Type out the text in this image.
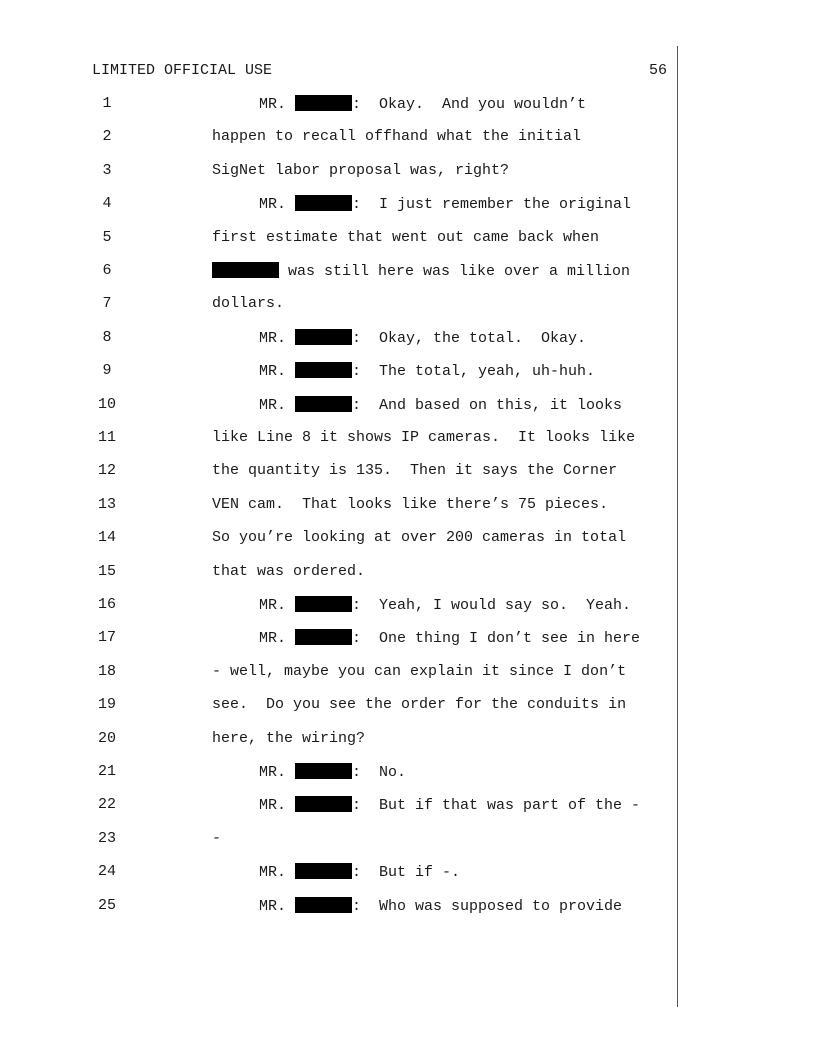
LIMITED OFFICIAL USE	56
1	MR.	:  Okay.  And you wouldn’t
2	happen to recall offhand what the initial
3	SigNet labor proposal was, right?
4	MR.	:  I just remember the original
5	first estimate that went out came back when
6	was still here was like over a million
7	dollars.
8	MR.	:  Okay, the total.  Okay.
9	MR.	:  The total, yeah, uh-huh.
10	MR.	:  And based on this, it looks
11	like Line 8 it shows IP cameras.  It looks like
12	the quantity is 135.  Then it says the Corner
13	VEN cam.  That looks like there’s 75 pieces.
14	So you’re looking at over 200 cameras in total
15	that was ordered.
16	MR.	:  Yeah, I would say so.  Yeah.
17	MR.	:  One thing I don’t see in here
18	- well, maybe you can explain it since I don’t
19	see.  Do you see the order for the conduits in
20	here, the wiring?
21	MR.	:  No.
22	MR.	:  But if that was part of the -
23	-
24	MR.	:  But if -.
25	MR.	:  Who was supposed to provide
